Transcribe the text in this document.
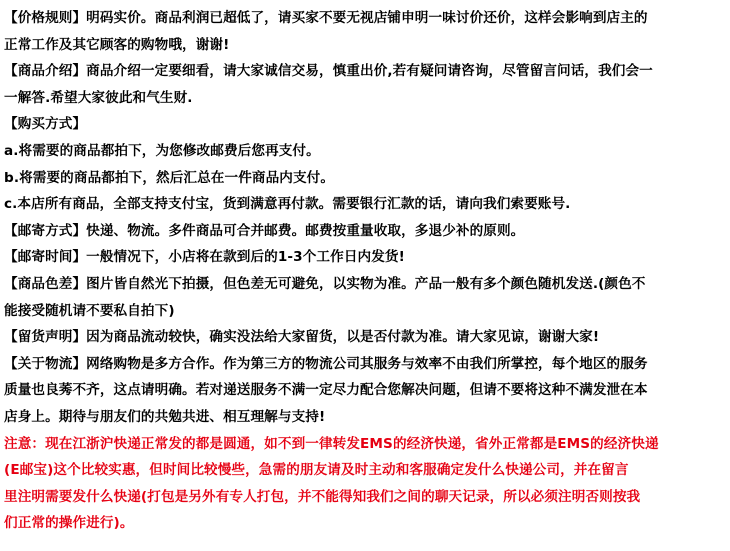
【价格规则】明码实价。商品利润已超低了，请买家不要无视店铺申明一味讨价还价，这样会影响到店主的
正常工作及其它顾客的购物哦，谢谢!
【商品介绍】商品介绍一定要细看，请大家诚信交易，慎重出价,若有疑问请咨询，尽管留言问话，我们会一
一解答.希望大家彼此和气生财.
【购买方式】
a.将需要的商品都拍下，为您修改邮费后您再支付。
b.将需要的商品都拍下，然后汇总在一件商品内支付。
c.本店所有商品，全部支持支付宝，货到满意再付款。需要银行汇款的话，请向我们索要账号.
【邮寄方式】快递、物流。多件商品可合并邮费。邮费按重量收取，多退少补的原则。
【邮寄时间】一般情况下，小店将在款到后的1-3个工作日内发货!
【商品色差】图片皆自然光下拍摄，但色差无可避免，以实物为准。产品一般有多个颜色随机发送.(颜色不
能接受随机请不要私自拍下)
【留货声明】因为商品流动较快，确实没法给大家留货，以是否付款为准。请大家见谅，谢谢大家!
【关于物流】网络购物是多方合作。作为第三方的物流公司其服务与效率不由我们所掌控，每个地区的服务
质量也良莠不齐，这点请明确。若对递送服务不满一定尽力配合您解决问题，但请不要将这种不满发泄在本
店身上。期待与朋友们的共勉共进、相互理解与支持!
注意：现在江浙沪快递正常发的都是圆通，如不到一律转发EMS的经济快递，省外正常都是EMS的经济快递
(E邮宝)这个比较实惠，但时间比较慢些，急需的朋友请及时主动和客服确定发什么快递公司，并在留言
里注明需要发什么快递(打包是另外有专人打包，并不能得知我们之间的聊天记录，所以必须注明否则按我
们正常的操作进行)。
